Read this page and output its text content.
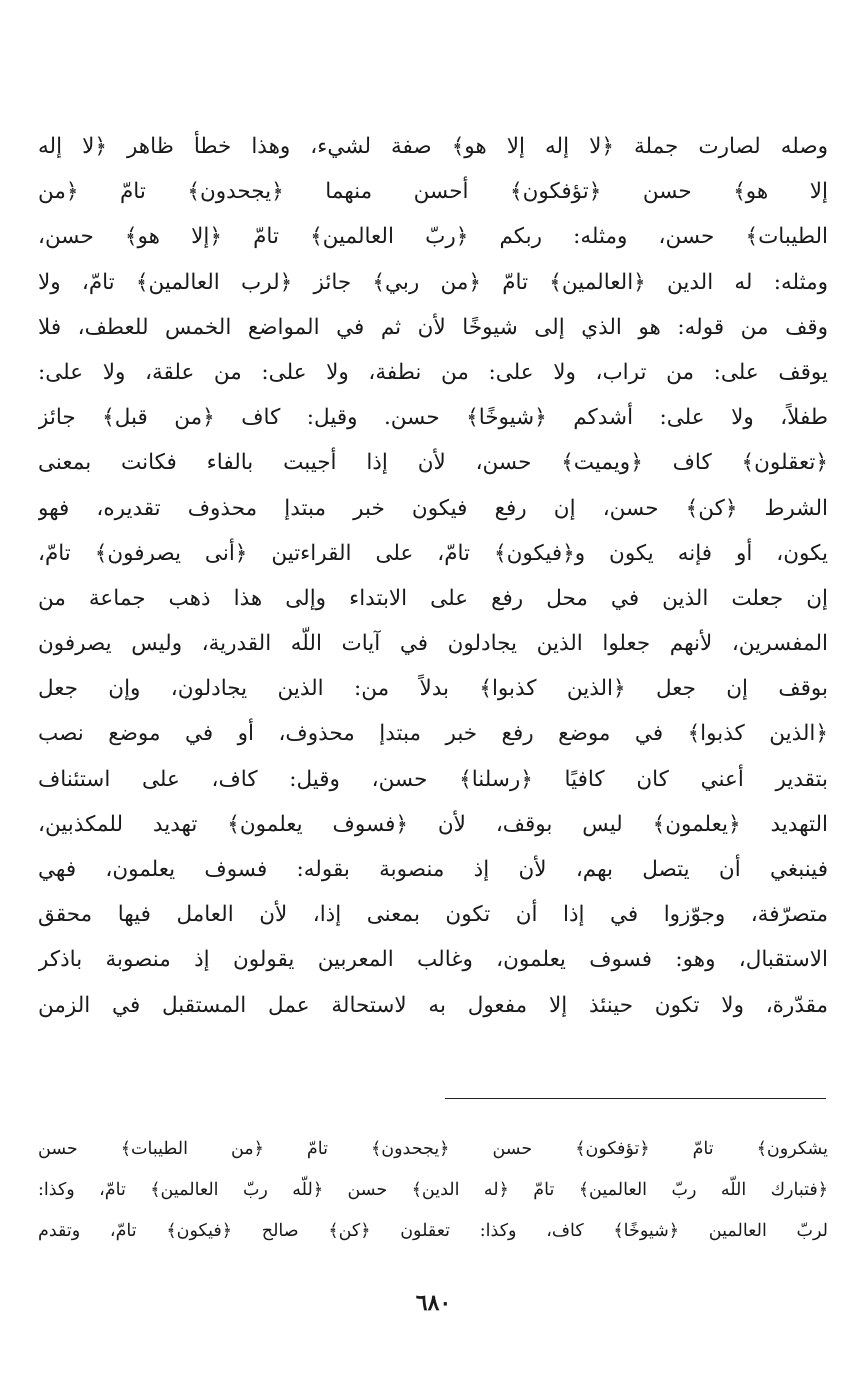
وصله لصارت جملة ﴿لا إله إلا هو﴾ صفة لشيء، وهذا خطأ ظاهر ﴿لا إله
إلا هو﴾ حسن ﴿تؤفكون﴾ أحسن منهما ﴿يجحدون﴾ تامّ ﴿من
الطيبات﴾ حسن، ومثله: ربكم ﴿ربّ العالمين﴾ تامّ ﴿إلا هو﴾ حسن،
ومثله: له الدين ﴿العالمين﴾ تامّ ﴿من ربي﴾ جائز ﴿لرب العالمين﴾ تامّ، ولا
وقف من قوله: هو الذي إلى شيوخًا لأن ثم في المواضع الخمس للعطف، فلا
يوقف على: من تراب، ولا على: من نطفة، ولا على: من علقة، ولا على:
طفلاً، ولا على: أشدكم ﴿شيوخًا﴾ حسن. وقيل: كاف ﴿من قبل﴾ جائز
﴿تعقلون﴾ كاف ﴿ويميت﴾ حسن، لأن إذا أجيبت بالفاء فكانت بمعنى
الشرط ﴿كن﴾ حسن، إن رفع فيكون خبر مبتدإ محذوف تقديره، فهو
يكون، أو فإنه يكون و﴿فيكون﴾ تامّ، على القراءتين ﴿أنى يصرفون﴾ تامّ،
إن جعلت الذين في محل رفع على الابتداء وإلى هذا ذهب جماعة من
المفسرين، لأنهم جعلوا الذين يجادلون في آيات اللّه القدرية، وليس يصرفون
بوقف إن جعل ﴿الذين كذبوا﴾ بدلاً من: الذين يجادلون، وإن جعل
﴿الذين كذبوا﴾ في موضع رفع خبر مبتدإ محذوف، أو في موضع نصب
بتقدير أعني كان كافيًا ﴿رسلنا﴾ حسن، وقيل: كاف، على استئناف
التهديد ﴿يعلمون﴾ ليس بوقف، لأن ﴿فسوف يعلمون﴾ تهديد للمكذبين،
فينبغي أن يتصل بهم، لأن إذ منصوبة بقوله: فسوف يعلمون، فهي
متصرّفة، وجوّزوا في إذا أن تكون بمعنى إذا، لأن العامل فيها محقق
الاستقبال، وهو: فسوف يعلمون، وغالب المعربين يقولون إذ منصوبة باذكر
مقدّرة، ولا تكون حينئذ إلا مفعول به لاستحالة عمل المستقبل في الزمن
يشكرون﴾ تامّ ﴿تؤفكون﴾ حسن ﴿يجحدون﴾ تامّ ﴿من الطيبات﴾ حسن
﴿فتبارك اللّه ربّ العالمين﴾ تامّ ﴿له الدين﴾ حسن ﴿للّه ربّ العالمين﴾ تامّ، وكذا:
لربّ العالمين ﴿شيوخًا﴾ كاف، وكذا: تعقلون ﴿كن﴾ صالح ﴿فيكون﴾ تامّ، وتقدم
٦٨٠
